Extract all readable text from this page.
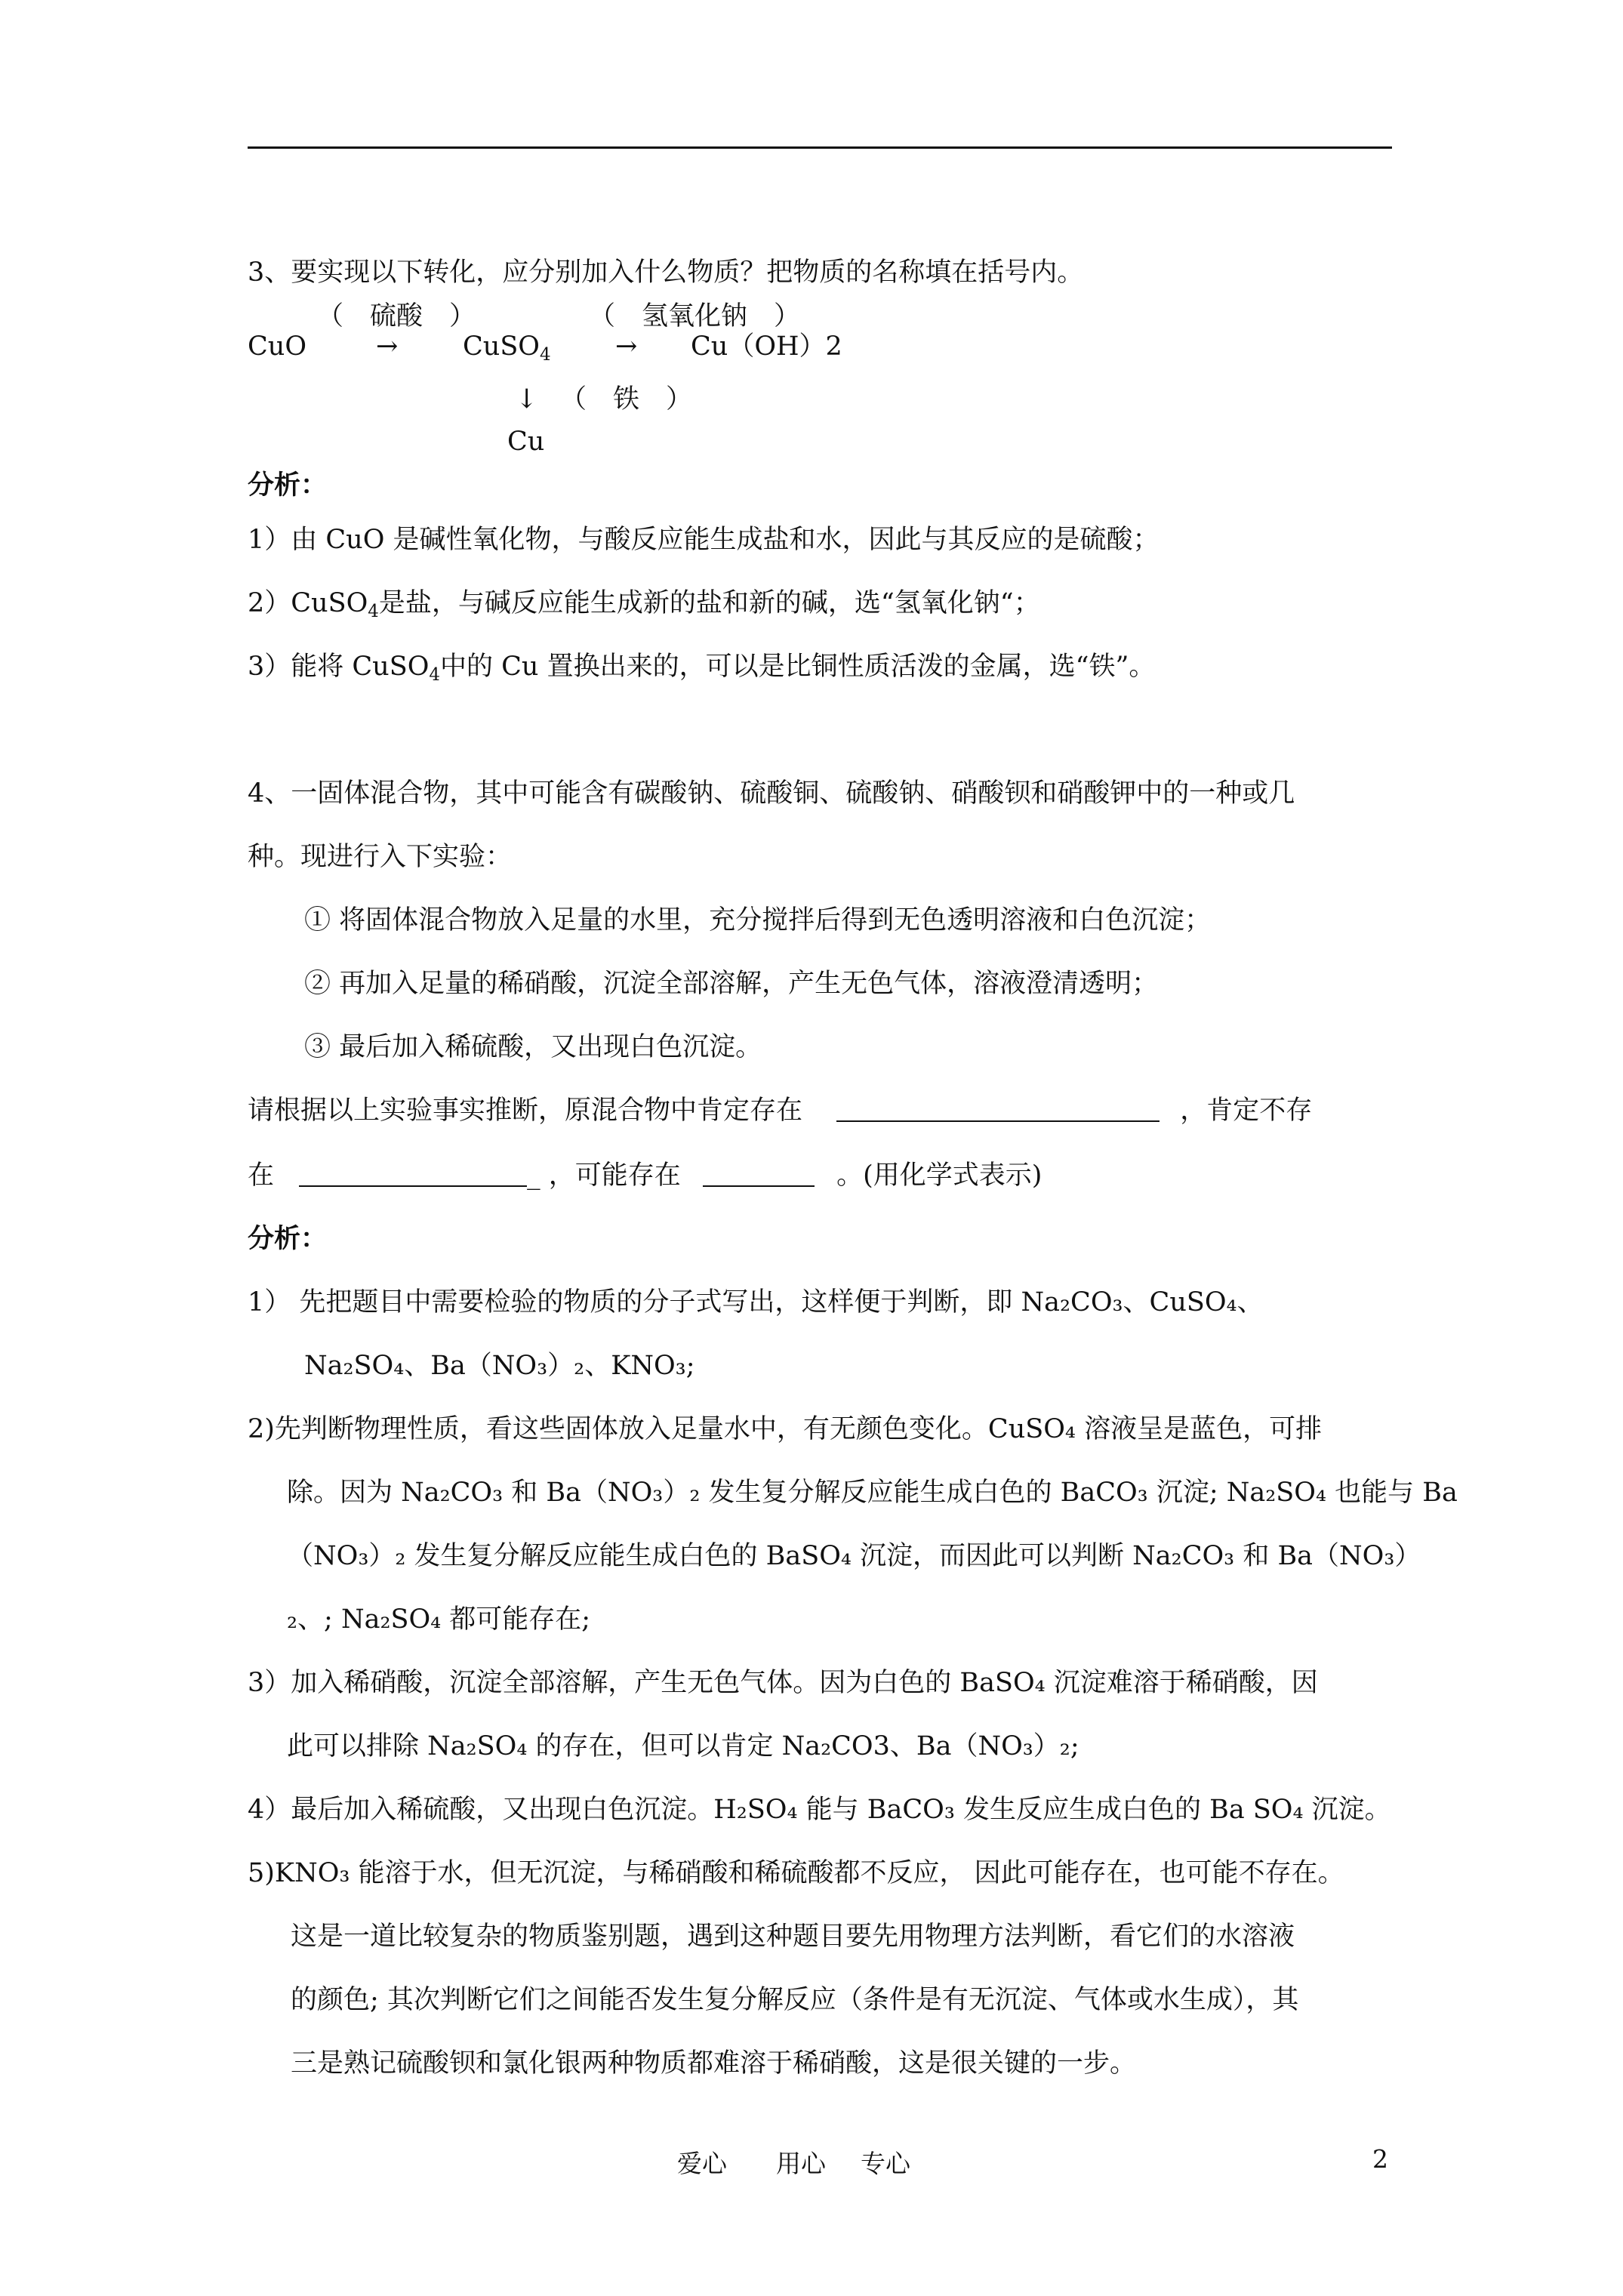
3、要实现以下转化，应分别加入什么物质？把物质的名称填在括号内。
（　硫酸　）	（　氢氧化钠　）
CuO	→ CuSO$_4$ → Cu（OH）2
↓ （　铁　）
Cu
分析：
1）由 CuO 是碱性氧化物，与酸反应能生成盐和水，因此与其反应的是硫酸；
2）CuSO$_4$是盐，与碱反应能生成新的盐和新的碱，选“氢氧化钠“；
3）能将 CuSO$_4$中的 Cu 置换出来的，可以是比铜性质活泼的金属，选“铁”。
4、一固体混合物，其中可能含有碳酸钠、硫酸铜、硫酸钠、硝酸钡和硝酸钾中的一种或几
种。现进行入下实验：
① 将固体混合物放入足量的水里，充分搅拌后得到无色透明溶液和白色沉淀；
② 再加入足量的稀硝酸，沉淀全部溶解，产生无色气体，溶液澄清透明；
③ 最后加入稀硫酸，又出现白色沉淀。
请根据以上实验事实推断，原混合物中肯定存在	，肯定不存
在	_ ，可能存在	。(用化学式表示)
分析：
1） 先把题目中需要检验的物质的分子式写出，这样便于判断，即 Na₂CO₃、CuSO₄、
Na₂SO₄、Ba（NO₃）₂、KNO₃;
2)先判断物理性质，看这些固体放入足量水中，有无颜色变化。CuSO₄ 溶液呈是蓝色，可排
除。因为 Na₂CO₃ 和 Ba（NO₃）₂ 发生复分解反应能生成白色的 BaCO₃ 沉淀; Na₂SO₄ 也能与 Ba
（NO₃）₂ 发生复分解反应能生成白色的 BaSO₄ 沉淀，而因此可以判断 Na₂CO₃ 和 Ba（NO₃）
₂、; Na₂SO₄ 都可能存在;
3）加入稀硝酸，沉淀全部溶解，产生无色气体。因为白色的 BaSO₄ 沉淀难溶于稀硝酸，因
此可以排除 Na₂SO₄ 的存在，但可以肯定 Na₂CO3、Ba（NO₃）₂;
4）最后加入稀硫酸，又出现白色沉淀。H₂SO₄ 能与 BaCO₃ 发生反应生成白色的 Ba SO₄ 沉淀。
5)KNO₃ 能溶于水，但无沉淀，与稀硝酸和稀硫酸都不反应， 因此可能存在，也可能不存在。
这是一道比较复杂的物质鉴别题，遇到这种题目要先用物理方法判断，看它们的水溶液
的颜色; 其次判断它们之间能否发生复分解反应（条件是有无沉淀、气体或水生成），其
三是熟记硫酸钡和氯化银两种物质都难溶于稀硝酸，这是很关键的一步。
爱心 用心 专心	2
